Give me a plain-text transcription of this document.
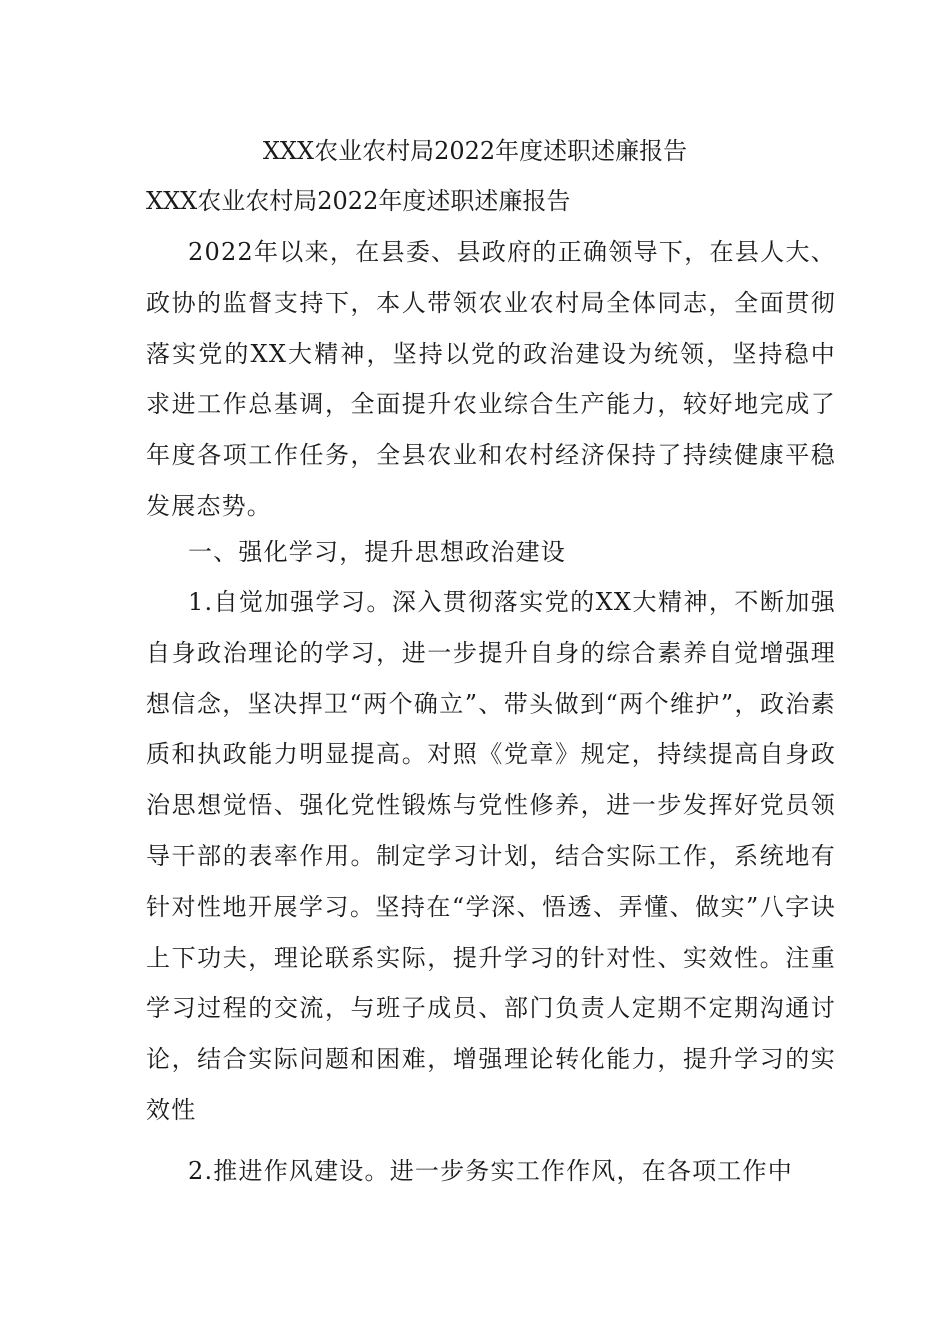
XXX农业农村局2022年度述职述廉报告
XXX农业农村局2022年度述职述廉报告

2022年以来，在县委、县政府的正确领导下，在县人大、政协的监督支持下，本人带领农业农村局全体同志，全面贯彻落实党的XX大精神，坚持以党的政治建设为统领，坚持稳中求进工作总基调，全面提升农业综合生产能力，较好地完成了年度各项工作任务，全县农业和农村经济保持了持续健康平稳发展态势。

一、强化学习，提升思想政治建设

1.自觉加强学习。深入贯彻落实党的XX大精神，不断加强自身政治理论的学习，进一步提升自身的综合素养自觉增强理想信念，坚决捍卫“两个确立”、带头做到“两个维护”，政治素质和执政能力明显提高。对照《党章》规定，持续提高自身政治思想觉悟、强化党性锻炼与党性修养，进一步发挥好党员领导干部的表率作用。制定学习计划，结合实际工作，系统地有针对性地开展学习。坚持在“学深、悟透、弄懂、做实”八字诀上下功夫，理论联系实际，提升学习的针对性、实效性。注重学习过程的交流，与班子成员、部门负责人定期不定期沟通讨论，结合实际问题和困难，增强理论转化能力，提升学习的实效性

2.推进作风建设。进一步务实工作作风，在各项工作中
